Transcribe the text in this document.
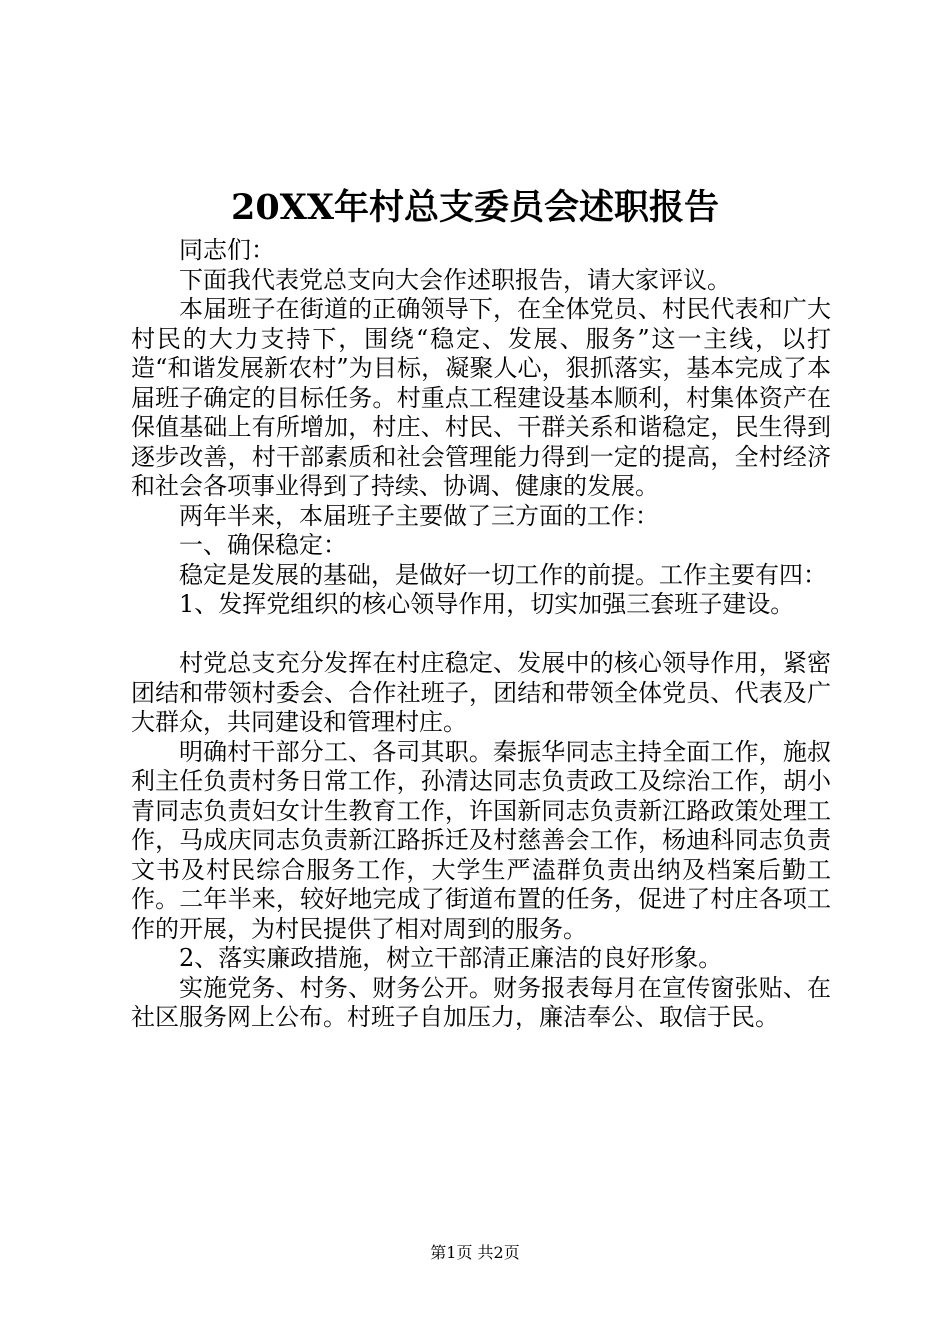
20XX年村总支委员会述职报告

同志们：

下面我代表党总支向大会作述职报告，请大家评议。

本届班子在街道的正确领导下，在全体党员、村民代表和广大村民的大力支持下，围绕“稳定、发展、服务”这一主线，以打造“和谐发展新农村”为目标，凝聚人心，狠抓落实，基本完成了本届班子确定的目标任务。村重点工程建设基本顺利，村集体资产在保值基础上有所增加，村庄、村民、干群关系和谐稳定，民生得到逐步改善，村干部素质和社会管理能力得到一定的提高，全村经济和社会各项事业得到了持续、协调、健康的发展。

两年半来，本届班子主要做了三方面的工作：

一、确保稳定：

稳定是发展的基础，是做好一切工作的前提。工作主要有四：

1、发挥党组织的核心领导作用，切实加强三套班子建设。

村党总支充分发挥在村庄稳定、发展中的核心领导作用，紧密团结和带领村委会、合作社班子，团结和带领全体党员、代表及广大群众，共同建设和管理村庄。

明确村干部分工、各司其职。秦振华同志主持全面工作，施叔利主任负责村务日常工作，孙清达同志负责政工及综治工作，胡小青同志负责妇女计生教育工作，许国新同志负责新江路政策处理工作，马成庆同志负责新江路拆迁及村慈善会工作，杨迪科同志负责文书及村民综合服务工作，大学生严溘群负责出纳及档案后勤工作。二年半来，较好地完成了街道布置的任务，促进了村庄各项工作的开展，为村民提供了相对周到的服务。

2、落实廉政措施，树立干部清正廉洁的良好形象。

实施党务、村务、财务公开。财务报表每月在宣传窗张贴、在社区服务网上公布。村班子自加压力，廉洁奉公、取信于民。

第1页 共2页
